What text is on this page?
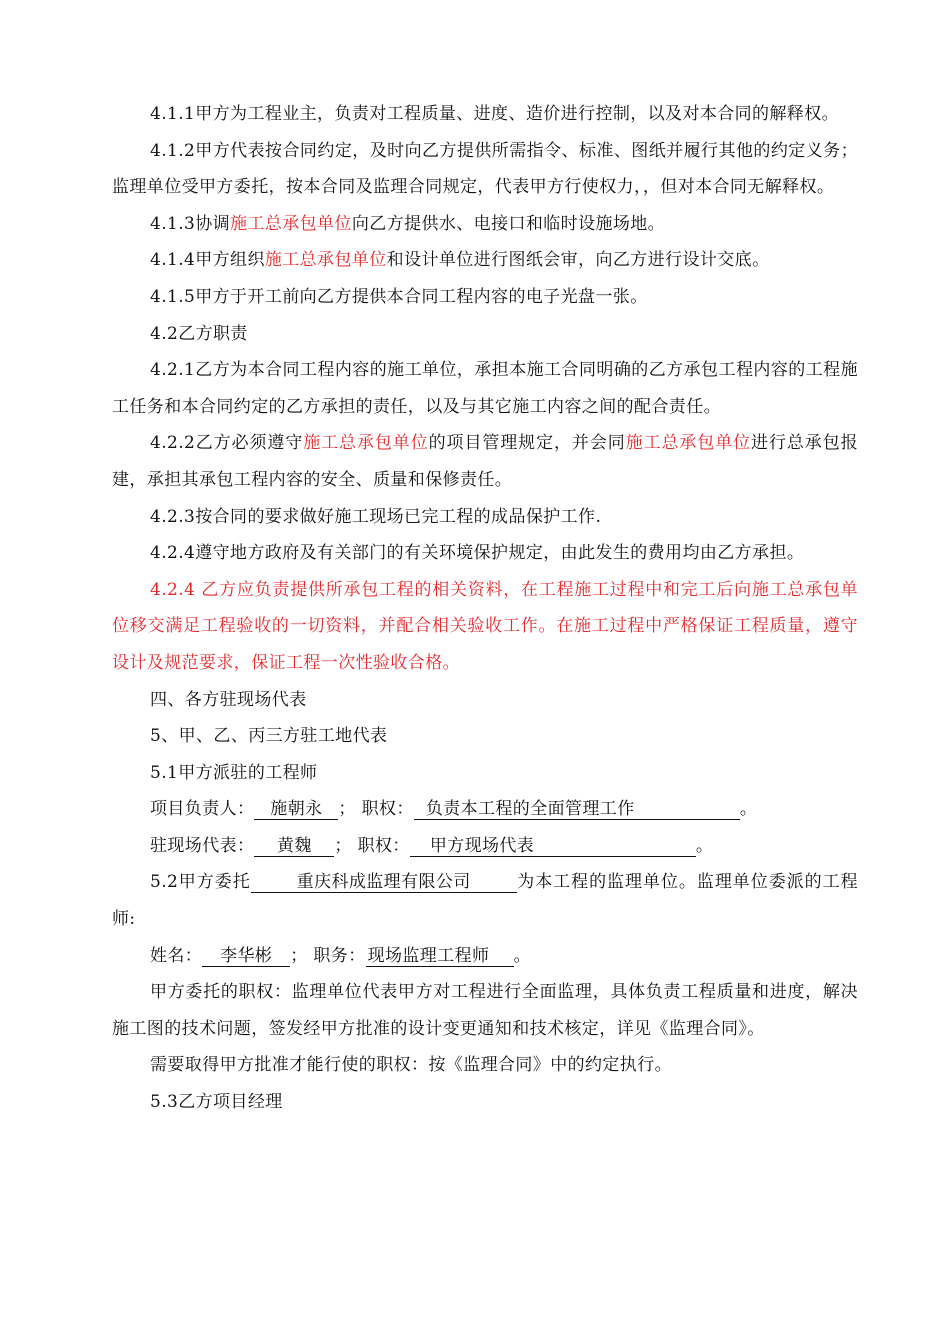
4.1.1甲方为工程业主，负责对工程质量、进度、造价进行控制，以及对本合同的解释权。

4.1.2甲方代表按合同约定，及时向乙方提供所需指令、标准、图纸并履行其他的约定义务；监理单位受甲方委托，按本合同及监理合同规定，代表甲方行使权力，，但对本合同无解释权。

4.1.3协调施工总承包单位向乙方提供水、电接口和临时设施场地。

4.1.4甲方组织施工总承包单位和设计单位进行图纸会审，向乙方进行设计交底。

4.1.5甲方于开工前向乙方提供本合同工程内容的电子光盘一张。

4.2乙方职责

4.2.1乙方为本合同工程内容的施工单位，承担本施工合同明确的乙方承包工程内容的工程施工任务和本合同约定的乙方承担的责任，以及与其它施工内容之间的配合责任。

4.2.2乙方必须遵守施工总承包单位的项目管理规定，并会同施工总承包单位进行总承包报建，承担其承包工程内容的安全、质量和保修责任。

4.2.3按合同的要求做好施工现场已完工程的成品保护工作.

4.2.4遵守地方政府及有关部门的有关环境保护规定，由此发生的费用均由乙方承担。

4.2.4 乙方应负责提供所承包工程的相关资料，在工程施工过程中和完工后向施工总承包单位移交满足工程验收的一切资料，并配合相关验收工作。在施工过程中严格保证工程质量，遵守设计及规范要求，保证工程一次性验收合格。

四、各方驻现场代表

5、甲、乙、丙三方驻工地代表

5.1甲方派驻的工程师

项目负责人： 施朝永 ； 职权： 负责本工程的全面管理工作	。

驻现场代表： 黄魏 ； 职权： 甲方现场代表	。

5.2甲方委托	重庆科成监理有限公司	为本工程的监理单位。监理单位委派的工程师:

姓名： 李华彬 ； 职务： 现场监理工程师 。

甲方委托的职权：监理单位代表甲方对工程进行全面监理，具体负责工程质量和进度，解决施工图的技术问题，签发经甲方批准的设计变更通知和技术核定，详见《监理合同》。

需要取得甲方批准才能行使的职权：按《监理合同》中的约定执行。

5.3乙方项目经理
